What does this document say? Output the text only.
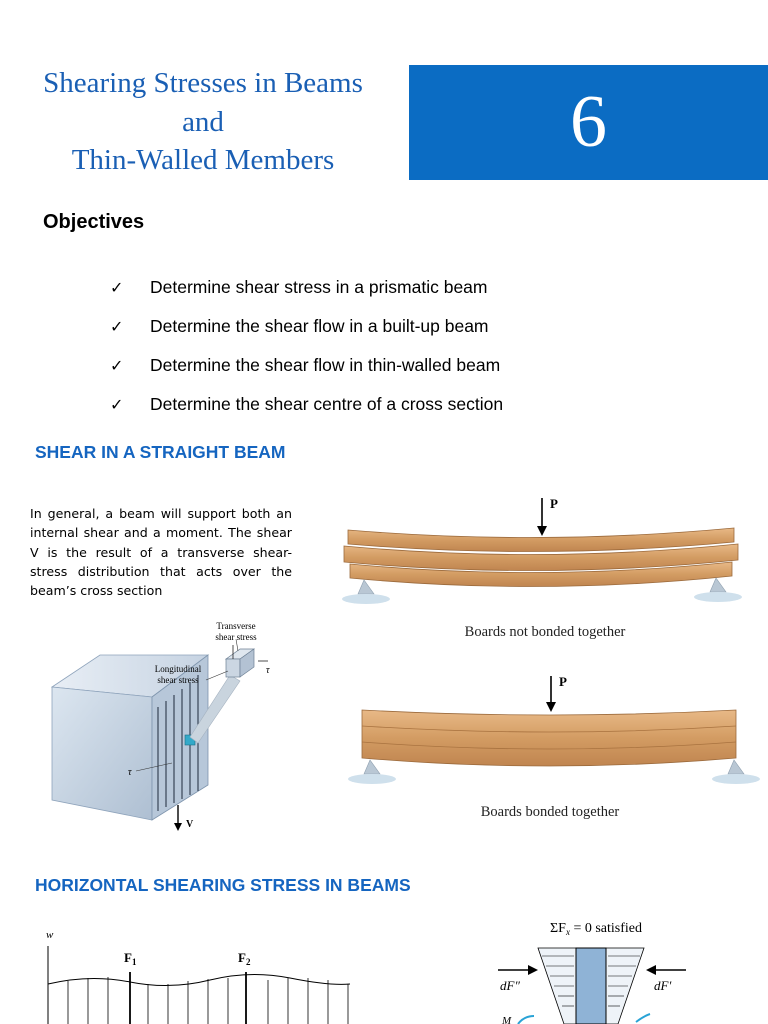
Shearing Stresses in Beams
and
Thin-Walled Members	6
Objectives
✓	Determine shear stress in a prismatic beam
✓	Determine the shear flow in a built-up beam
✓	Determine the shear flow in thin-walled beam
✓	Determine the shear centre of a cross section
SHEAR IN A STRAIGHT BEAM
In general, a beam will support both an internal shear and a moment. The shear V is the result of a transverse shear-stress distribution that acts over the beam’s cross section
Transverse
shear stress
Longitudinal
shear stress
τ
τ
V
P
Boards not bonded together
P
Boards bonded together
HORIZONTAL SHEARING STRESS IN BEAMS
w
$F_1$	$F_2$
$\Sigma F_x = 0$ satisfied
dF″	dF′
M
